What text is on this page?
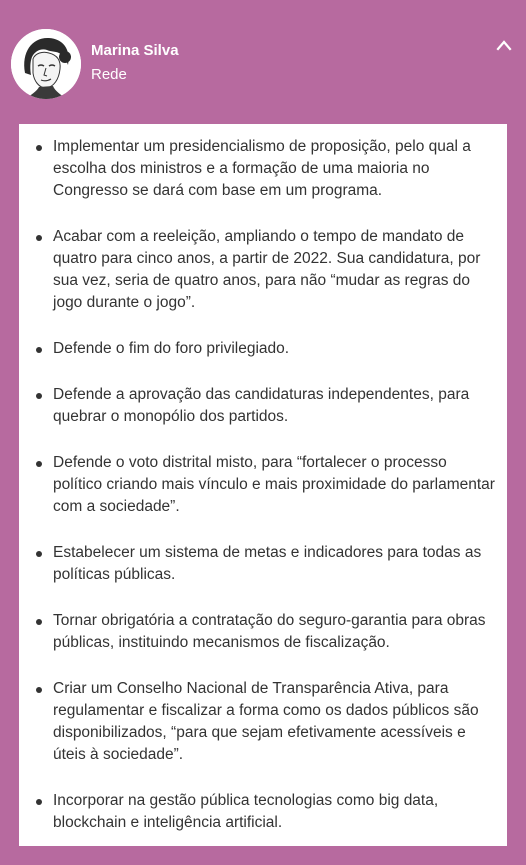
Marina Silva
Rede
Implementar um presidencialismo de proposição, pelo qual a escolha dos ministros e a formação de uma maioria no Congresso se dará com base em um programa.
Acabar com a reeleição, ampliando o tempo de mandato de quatro para cinco anos, a partir de 2022. Sua candidatura, por sua vez, seria de quatro anos, para não “mudar as regras do jogo durante o jogo”.
Defende o fim do foro privilegiado.
Defende a aprovação das candidaturas independentes, para quebrar o monopólio dos partidos.
Defende o voto distrital misto, para “fortalecer o processo político criando mais vínculo e mais proximidade do parlamentar com a sociedade”.
Estabelecer um sistema de metas e indicadores para todas as políticas públicas.
Tornar obrigatória a contratação do seguro-garantia para obras públicas, instituindo mecanismos de fiscalização.
Criar um Conselho Nacional de Transparência Ativa, para regulamentar e fiscalizar a forma como os dados públicos são disponibilizados, “para que sejam efetivamente acessíveis e úteis à sociedade”.
Incorporar na gestão pública tecnologias como big data, blockchain e inteligência artificial.
